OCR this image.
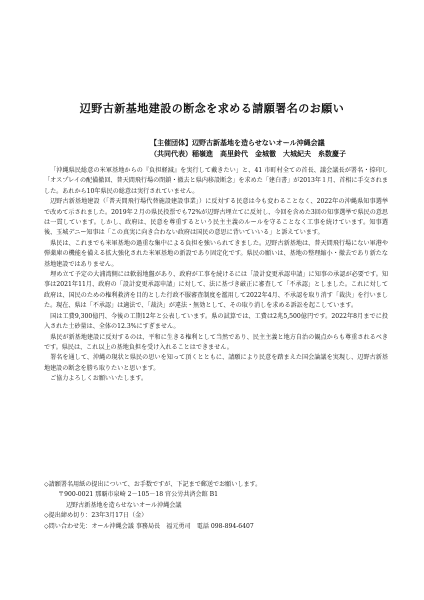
辺野古新基地建設の断念を求める請願署名のお願い
【主催団体】辺野古新基地を造らせないオール沖縄会議
（共同代表）稲嶺進　高里鈴代　金城徹　大城紀夫　糸数慶子

「沖縄県民総意の米軍基地からの『負担軽減』を実行して戴きたい」と、41 市町村全ての首長、議会議長が署名・捺印し「オスプレイの配備撤回、普天間飛行場の閉鎖・撤去と県内移設断念」を求めた「建白書」が2013年１月、首相に手交されました。あれから10年県民の総意は実行されていません。

辺野古新基地建設（「普天間飛行場代替施設建設事業」）に反対する民意は今も変わることなく、2022年の沖縄県知事選挙で改めて示されました。2019年２月の県民投票でも72%が辺野古埋立てに反対し、今回を含めた3回の知事選挙で県民の意思は一貫しています。しかし、政府は、民意を尊重するという民主主義のルールを守ることなく工事を続けています。知事選後、玉城デニー知事は「この真実に向き合わない政府は国民の意思に背いていいる」と訴えています。

県民は、これまでも米軍基地の過重な集中による負担を強いられてきました。辺野古新基地は、普天間飛行場にない軍港や弾薬庫の機能を備える拡大強化された米軍基地の新設であり固定化です。県民の願いは、基地の整理縮小・撤去であり新たな基地建設ではありません。

埋め立て予定の大浦湾側には軟弱地盤があり、政府が工事を続けるには「設計変更承認申請」に知事の承認が必要です。知事は2021年11月、政府の「設計変更承認申請」に対して、法に基づき厳正に審査して「不承認」としました。これに対して政府は、国民のための権利救済を目的とした行政不服審査制度を濫用して2022年4月、不承認を取り消す「裁決」を行いました。現在、県は「不承認」は適法で、「裁決」が違法・無効として、その取り消しを求める訴訟を起こしています。

国は工費9,300億円、今後の工期12年と公表しています。県の試算では、工費は2兆5,500億円です。2022年8月までに投入された土砂量は、全体の12.3%にすぎません。

県民が新基地建設に反対するのは、平和に生きる権利として当然であり、民主主義と地方自治の観点からも尊重されるべきです。県民は、これ以上の基地負担を受け入れることはできません。

署名を通して、沖縄の現状と県民の思いを知って頂くとともに、請願により民意を踏まえた国会論議を実現し、辺野古新基地建設の断念を勝ち取りたいと思います。

ご協力よろしくお願いいたします。

◇請願署名用紙の提出について、お手数ですが、下記まで郵送でお願いします。
〒900-0021 那覇市泉崎 2－105－18 官公労共済会館 B1
辺野古新基地を造らせないオール沖縄会議
◇提出締め切り：23年3月17日（金）
◇問い合わせ先：オール沖縄会議 事務局長　福元勇司　電話 098-894-6407
